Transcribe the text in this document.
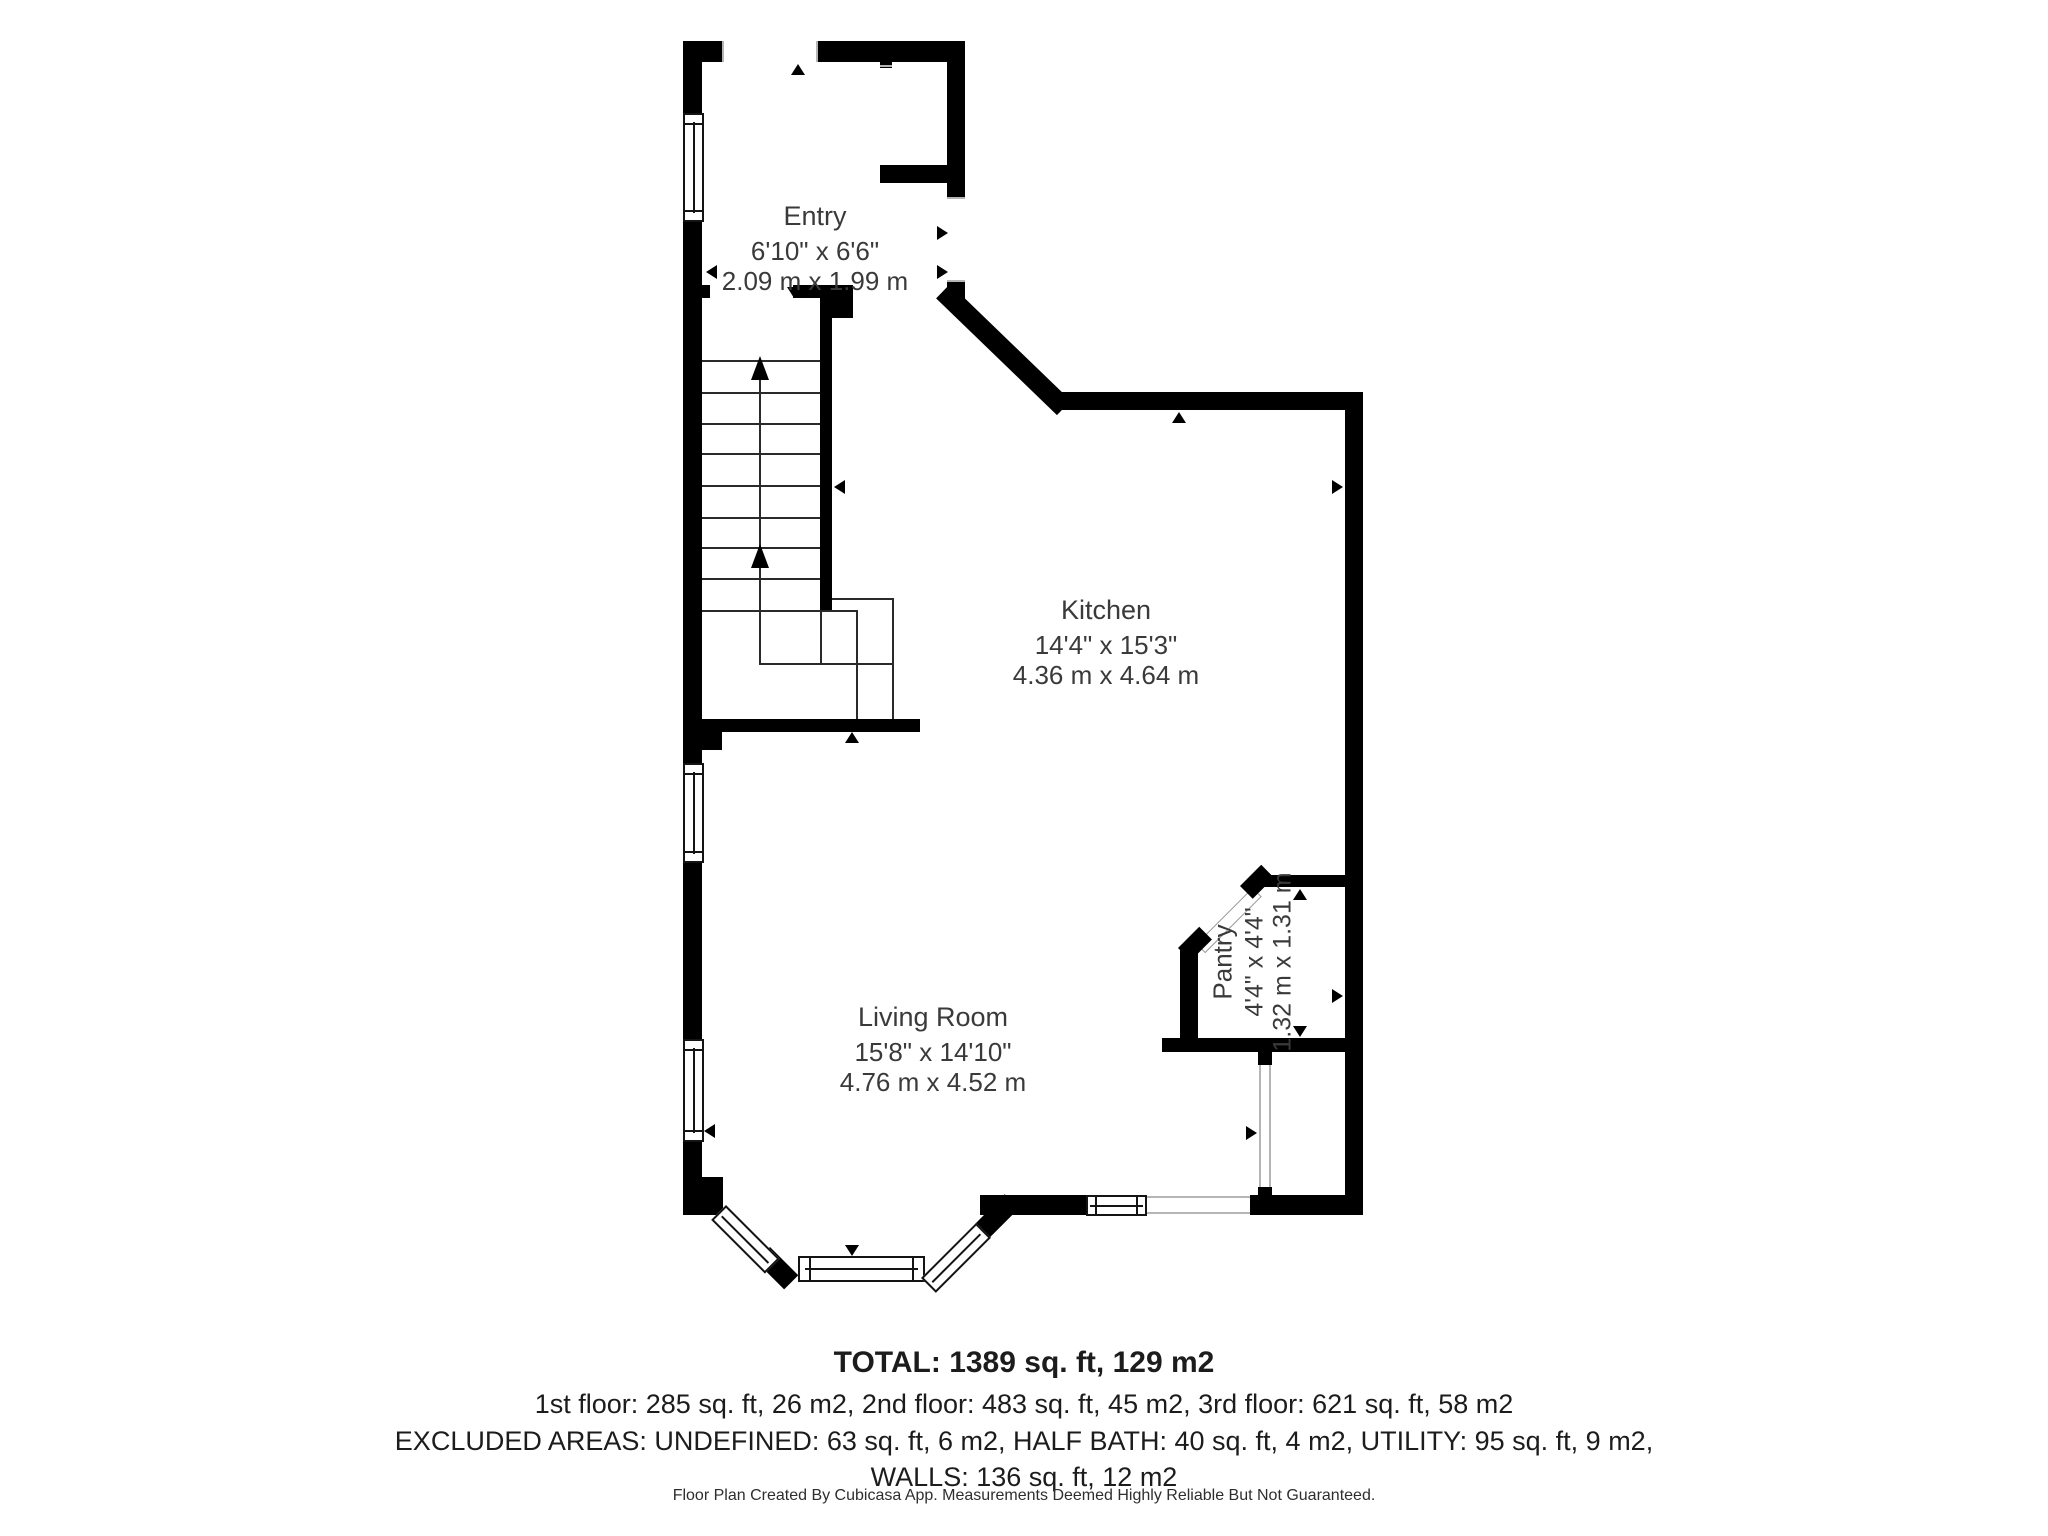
Entry
6'10" x 6'6"
2.09 m x 1.99 m
Kitchen
14'4" x 15'3"
4.36 m x 4.64 m
Living Room
15'8" x 14'10"
4.76 m x 4.52 m
Pantry 4'4" x 4'4" 1.32 m x 1.31 m
TOTAL: 1389 sq. ft, 129 m2
1st floor: 285 sq. ft, 26 m2, 2nd floor: 483 sq. ft, 45 m2, 3rd floor: 621 sq. ft, 58 m2
EXCLUDED AREAS: UNDEFINED: 63 sq. ft, 6 m2, HALF BATH: 40 sq. ft, 4 m2, UTILITY: 95 sq. ft, 9 m2,
WALLS: 136 sq. ft, 12 m2
Floor Plan Created By Cubicasa App. Measurements Deemed Highly Reliable But Not Guaranteed.
